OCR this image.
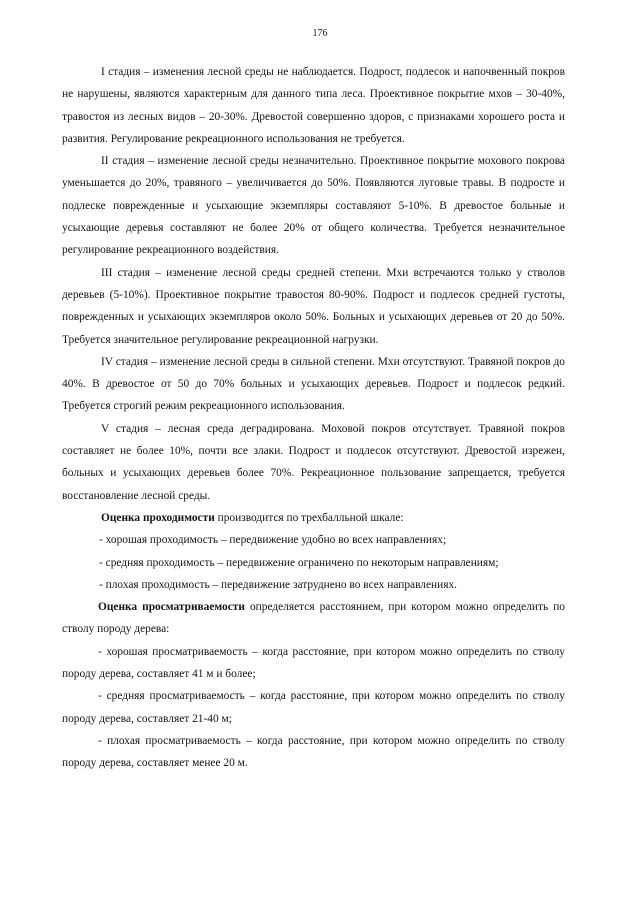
176

I стадия – изменения лесной среды не наблюдается. Подрост, подлесок и напочвенный покров не нарушены, являются характерным для данного типа леса. Проективное покрытие мхов – 30-40%, травостоя из лесных видов – 20-30%. Древостой совершенно здоров, с признаками хорошего роста и развития. Регулирование рекреационного использования не требуется.

II стадия – изменение лесной среды незначительно. Проективное покрытие мохового покрова уменьшается до 20%, травяного – увеличивается до 50%. Появляются луговые травы. В подросте и подлеске поврежденные и усыхающие экземпляры составляют 5-10%. В древостое больные и усыхающие деревья составляют не более 20% от общего количества. Требуется незначительное регулирование рекреационного воздействия.

III стадия – изменение лесной среды средней степени. Мхи встречаются только у стволов деревьев (5-10%). Проективное покрытие травостоя 80-90%. Подрост и подлесок средней густоты, поврежденных и усыхающих экземпляров около 50%. Больных и усыхающих деревьев от 20 до 50%. Требуется значительное регулирование рекреационной нагрузки.

IV стадия – изменение лесной среды в сильной степени. Мхи отсутствуют. Травяной покров до 40%. В древостое от 50 до 70% больных и усыхающих деревьев. Подрост и подлесок редкий. Требуется строгий режим рекреационного использования.

V стадия – лесная среда деградирована. Моховой покров отсутствует. Травяной покров составляет не более 10%, почти все злаки. Подрост и подлесок отсутствуют. Древостой изрежен, больных и усыхающих деревьев более 70%. Рекреационное пользование запрещается, требуется восстановление лесной среды.

Оценка проходимости производится по трехбалльной шкале:

- хорошая проходимость – передвижение удобно во всех направлениях;

- средняя проходимость – передвижение ограничено по некоторым направлениям;

- плохая проходимость – передвижение затруднено во всех направлениях.

Оценка просматриваемости определяется расстоянием, при котором можно определить по стволу породу дерева:

- хорошая просматриваемость – когда расстояние, при котором можно определить по стволу породу дерева, составляет 41 м и более;

- средняя просматриваемость – когда расстояние, при котором можно определить по стволу породу дерева, составляет 21-40 м;

- плохая просматриваемость – когда расстояние, при котором можно определить по стволу породу дерева, составляет менее 20 м.
